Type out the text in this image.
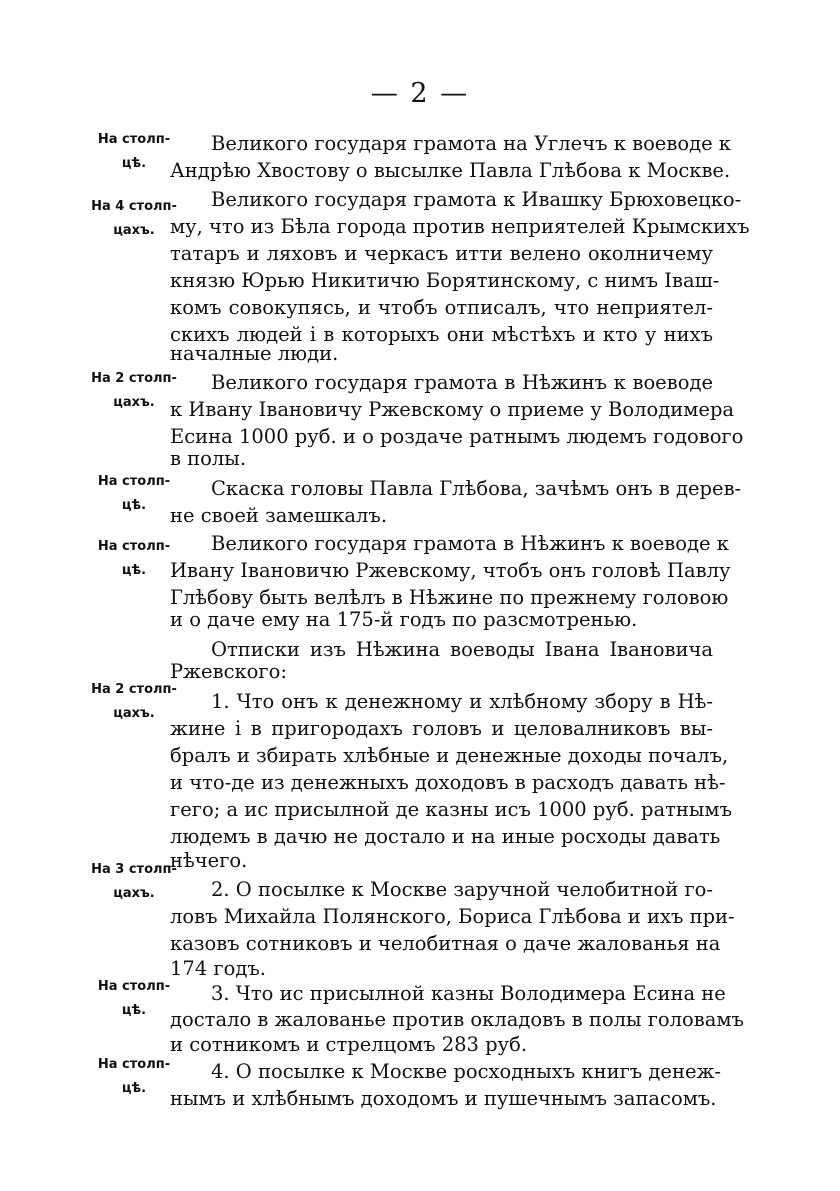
— 2 —
На столп-
цѣ.
На 4 столп-
цахъ.
На 2 столп-
цахъ.
На столп-
цѣ.
На столп-
цѣ.
На 2 столп-
цахъ.
На 3 столп-
цахъ.
На столп-
цѣ.
На столп-
цѣ.
Великого государя грамота на Углечъ к воеводе к
Андрѣю Хвостову о высылке Павла Глѣбова к Москве.
Великого государя грамота к Ивашку Брюховецко-
му, что из Бѣла города против неприятелей Крымскихъ
татаръ и ляховъ и черкасъ итти велено околничему
князю Юрью Никитичю Борятинскому, с нимъ Іваш-
комъ совокупясь, и чтобъ отписалъ, что неприятел-
скихъ людей і в которыхъ они мѣстѣхъ и кто у нихъ
началные люди.
Великого государя грамота в Нѣжинъ к воеводе
к Ивану Івановичу Ржевскому о приеме у Володимера
Есина 1000 руб. и о роздаче ратнымъ людемъ годового
в полы.
Скаска головы Павла Глѣбова, зачѣмъ онъ в дерев-
не своей замешкалъ.
Великого государя грамота в Нѣжинъ к воеводе к
Ивану Івановичю Ржевскому, чтобъ онъ головѣ Павлу
Глѣбову быть велѣлъ в Нѣжине по прежнему головою
и о даче ему на 175-й годъ по разсмотренью.
Отписки изъ Нѣжина воеводы Івана Івановича
Ржевского:
1. Что онъ к денежному и хлѣбному збору в Нѣ-
жине і в пригородахъ головъ и целовалниковъ вы-
бралъ и збирать хлѣбные и денежные доходы почалъ,
и что-де из денежныхъ доходовъ в расходъ давать нѣ-
гего; а ис присылной де казны исъ 1000 руб. ратнымъ
людемъ в дачю не достало и на иные росходы давать
нѣчего.
2. О посылке к Москве заручной челобитной го-
ловъ Михайла Полянского, Бориса Глѣбова и ихъ при-
казовъ сотниковъ и челобитная о даче жалованья на
174 годъ.
3. Что ис присылной казны Володимера Есина не
достало в жалованье против окладовъ в полы головамъ
и сотникомъ и стрелцомъ 283 руб.
4. О посылке к Москве росходныхъ книгъ денеж-
нымъ и хлѣбнымъ доходомъ и пушечнымъ запасомъ.
